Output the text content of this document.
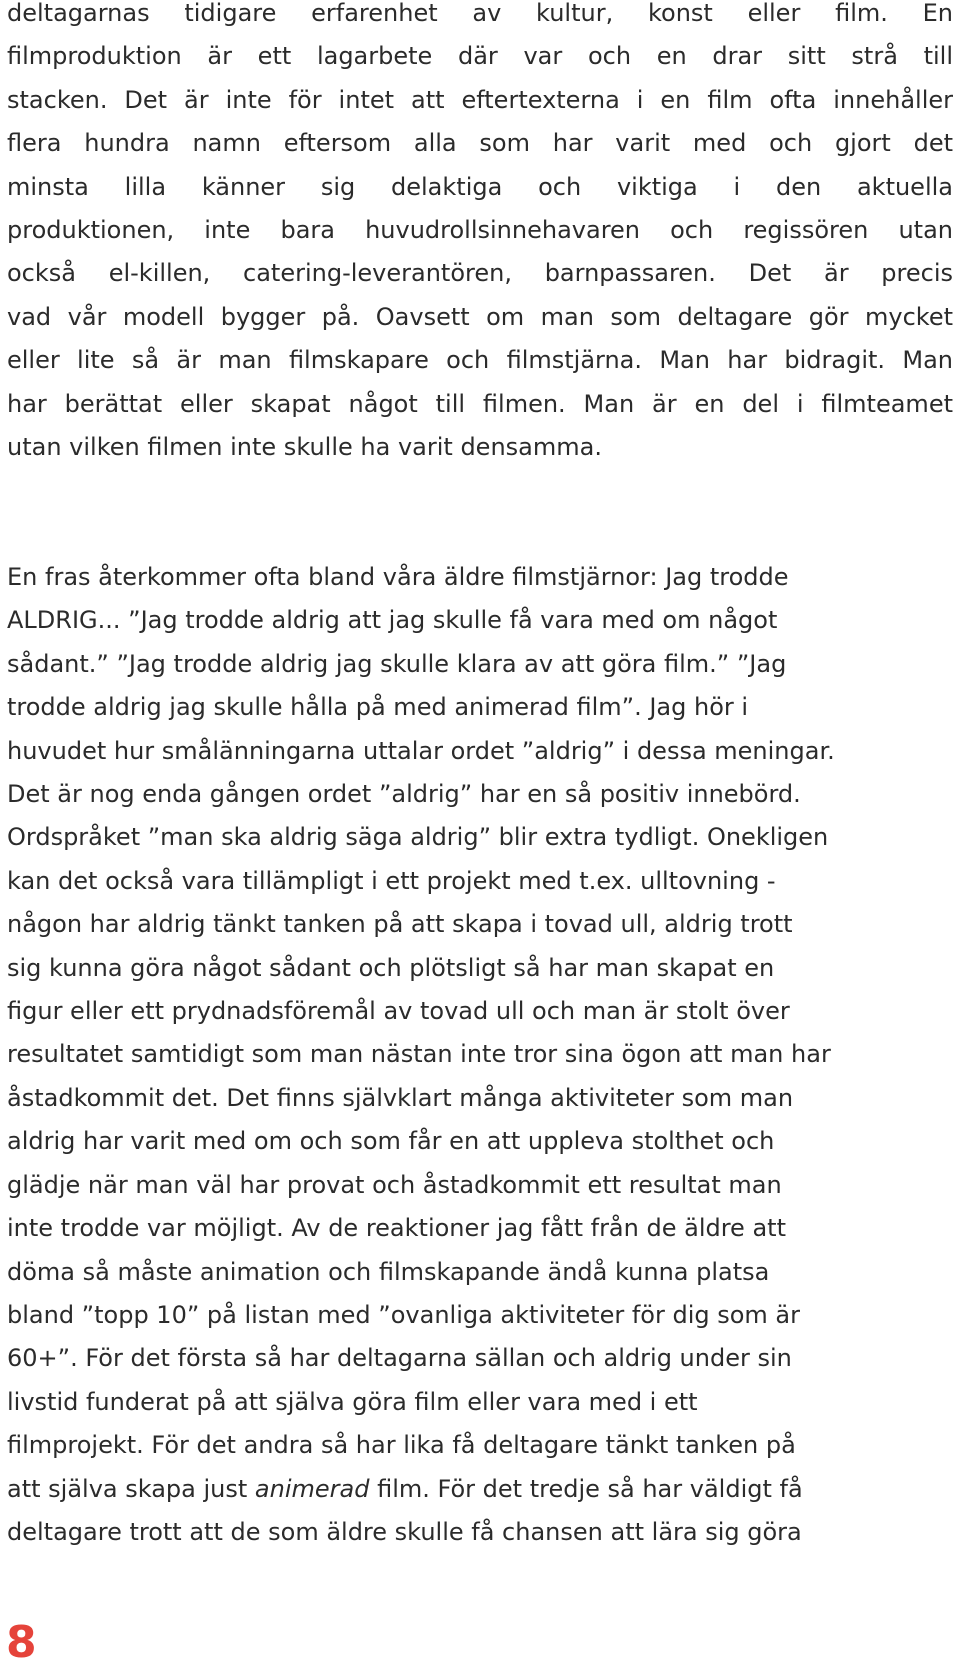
deltagarnas tidigare erfarenhet av kultur, konst eller film. En
filmproduktion är ett lagarbete där var och en drar sitt strå till
stacken. Det är inte för intet att eftertexterna i en film ofta innehåller
flera hundra namn eftersom alla som har varit med och gjort det
minsta lilla känner sig delaktiga och viktiga i den aktuella
produktionen, inte bara huvudrollsinnehavaren och regissören utan
också el-killen, catering-leverantören, barnpassaren. Det är precis
vad vår modell bygger på. Oavsett om man som deltagare gör mycket
eller lite så är man filmskapare och filmstjärna. Man har bidragit. Man
har berättat eller skapat något till filmen. Man är en del i filmteamet
utan vilken filmen inte skulle ha varit densamma.

En fras återkommer ofta bland våra äldre filmstjärnor: Jag trodde
ALDRIG... ”Jag trodde aldrig att jag skulle få vara med om något
sådant.” ”Jag trodde aldrig jag skulle klara av att göra film.” ”Jag
trodde aldrig jag skulle hålla på med animerad film”. Jag hör i
huvudet hur smålänningarna uttalar ordet ”aldrig” i dessa meningar.
Det är nog enda gången ordet ”aldrig” har en så positiv innebörd.
Ordspråket ”man ska aldrig säga aldrig” blir extra tydligt. Onekligen
kan det också vara tillämpligt i ett projekt med t.ex. ulltovning -
någon har aldrig tänkt tanken på att skapa i tovad ull, aldrig trott
sig kunna göra något sådant och plötsligt så har man skapat en
figur eller ett prydnadsföremål av tovad ull och man är stolt över
resultatet samtidigt som man nästan inte tror sina ögon att man har
åstadkommit det. Det finns självklart många aktiviteter som man
aldrig har varit med om och som får en att uppleva stolthet och
glädje när man väl har provat och åstadkommit ett resultat man
inte trodde var möjligt. Av de reaktioner jag fått från de äldre att
döma så måste animation och filmskapande ändå kunna platsa
bland ”topp 10” på listan med ”ovanliga aktiviteter för dig som är
60+”. För det första så har deltagarna sällan och aldrig under sin
livstid funderat på att själva göra film eller vara med i ett
filmprojekt. För det andra så har lika få deltagare tänkt tanken på
att själva skapa just animerad film. För det tredje så har väldigt få
deltagare trott att de som äldre skulle få chansen att lära sig göra

8
